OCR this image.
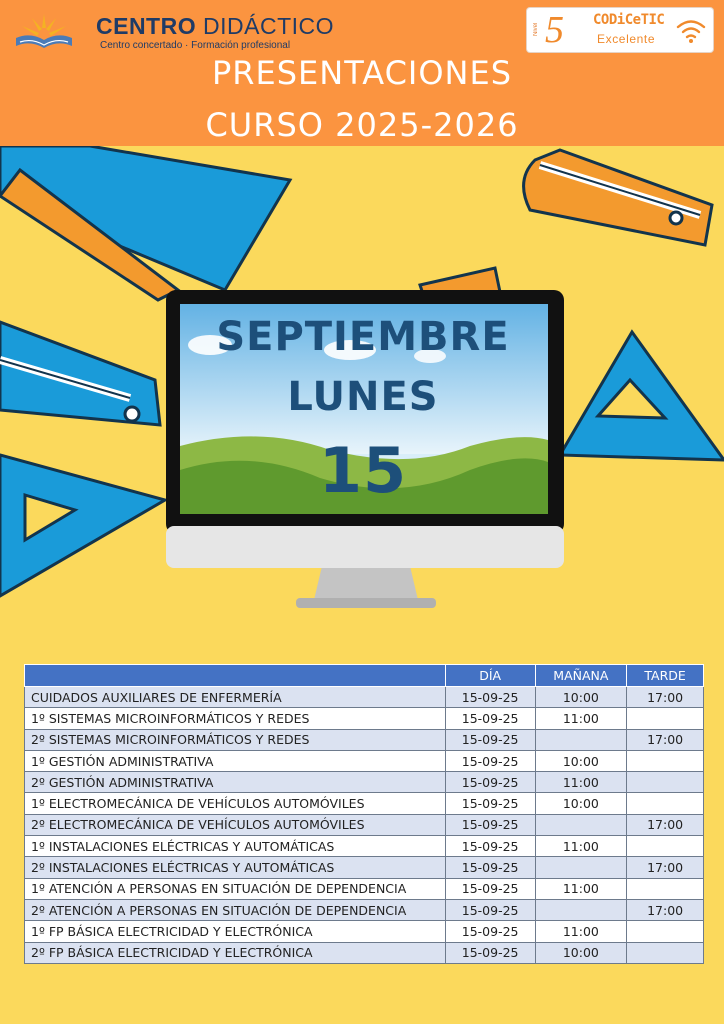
CENTRO DIDÁCTICO
Centro concertado · Formación profesional
Nivel 5 CODiCeTIC
Excelente
PRESENTACIONES
CURSO 2025-2026
SEPTIEMBRE
LUNES
15
	DÍA	MAÑANA	TARDE
CUIDADOS AUXILIARES DE ENFERMERÍA	15-09-25	10:00	17:00
1º SISTEMAS MICROINFORMÁTICOS Y REDES	15-09-25	11:00	
2º SISTEMAS MICROINFORMÁTICOS Y REDES	15-09-25		17:00
1º GESTIÓN ADMINISTRATIVA	15-09-25	10:00	
2º GESTIÓN ADMINISTRATIVA	15-09-25	11:00	
1º ELECTROMECÁNICA DE VEHÍCULOS AUTOMÓVILES	15-09-25	10:00	
2º ELECTROMECÁNICA DE VEHÍCULOS AUTOMÓVILES	15-09-25		17:00
1º INSTALACIONES ELÉCTRICAS Y AUTOMÁTICAS	15-09-25	11:00	
2º INSTALACIONES ELÉCTRICAS Y AUTOMÁTICAS	15-09-25		17:00
1º ATENCIÓN A PERSONAS EN SITUACIÓN DE DEPENDENCIA	15-09-25	11:00	
2º ATENCIÓN A PERSONAS EN SITUACIÓN DE DEPENDENCIA	15-09-25		17:00
1º FP BÁSICA ELECTRICIDAD Y ELECTRÓNICA	15-09-25	11:00	
2º FP BÁSICA ELECTRICIDAD Y ELECTRÓNICA	15-09-25	10:00	
